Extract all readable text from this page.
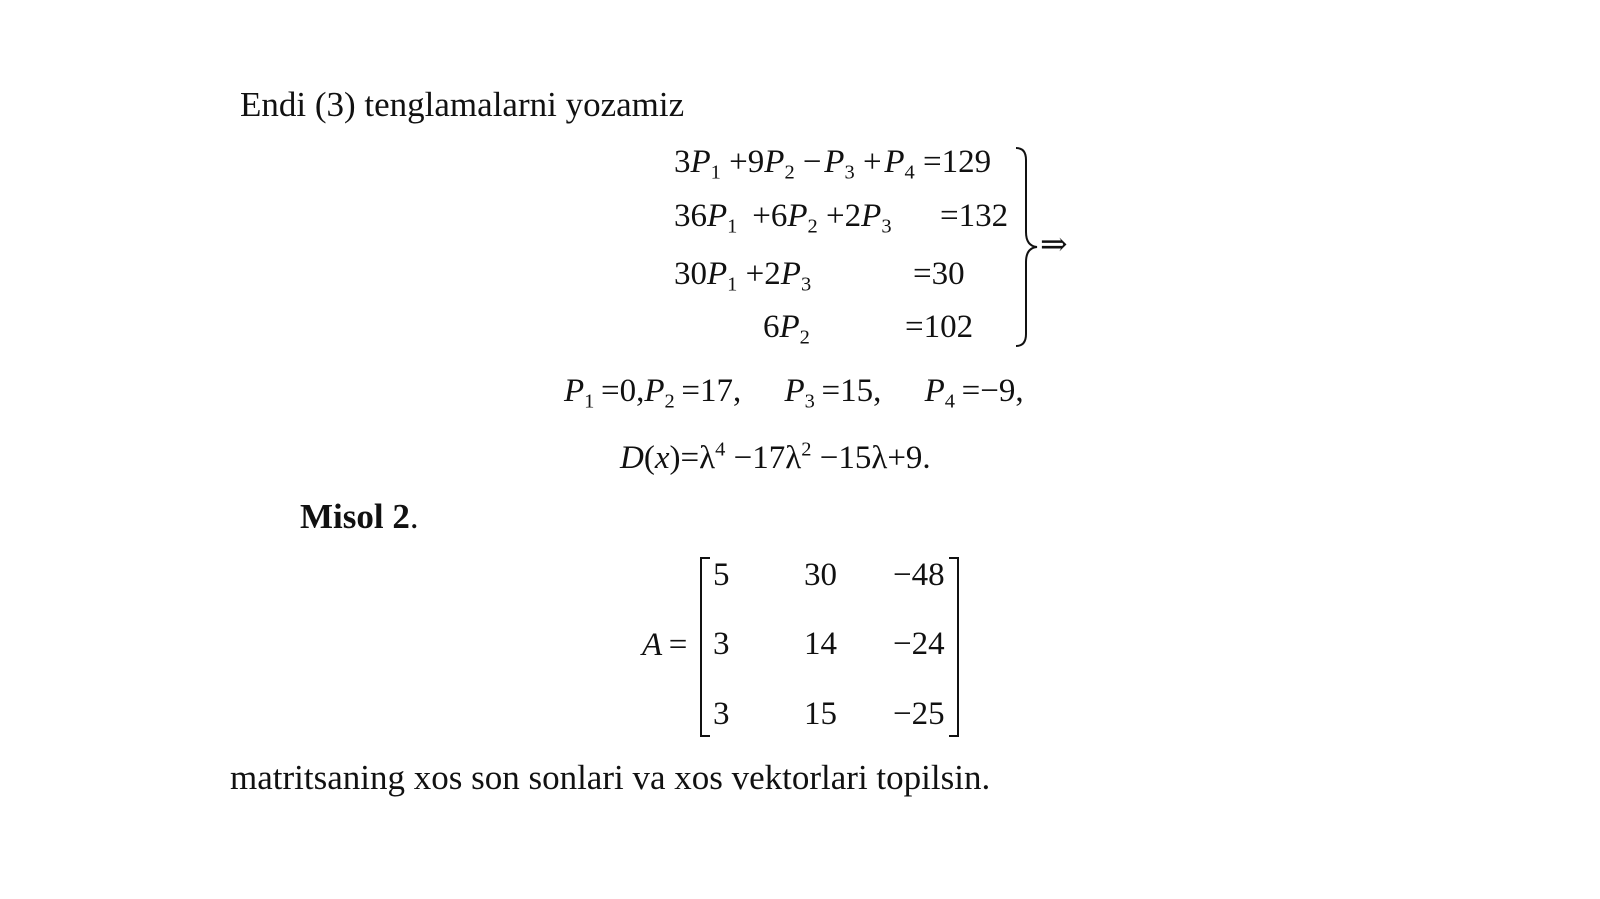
Endi (3) tenglamalarni yozamiz
$3P_1 +9P_2$ − $P_3$ + $P_4 =129$
$36P_1 +6P_2 +2P_3 =132$
$30P_1 +2P_3$	=30
$6P_2$	=102
⇒
$P_1 =0,P_2 =17$,   $P_3 =15$,   $P_4 =-9$,
$D(x)=\lambda^4 -17\lambda^2 -15\lambda+9$.
Misol 2.
A  =
5 30 −48
3 14 −24
3 15 −25
matritsaning xos son sonlari va xos vektorlari topilsin.
